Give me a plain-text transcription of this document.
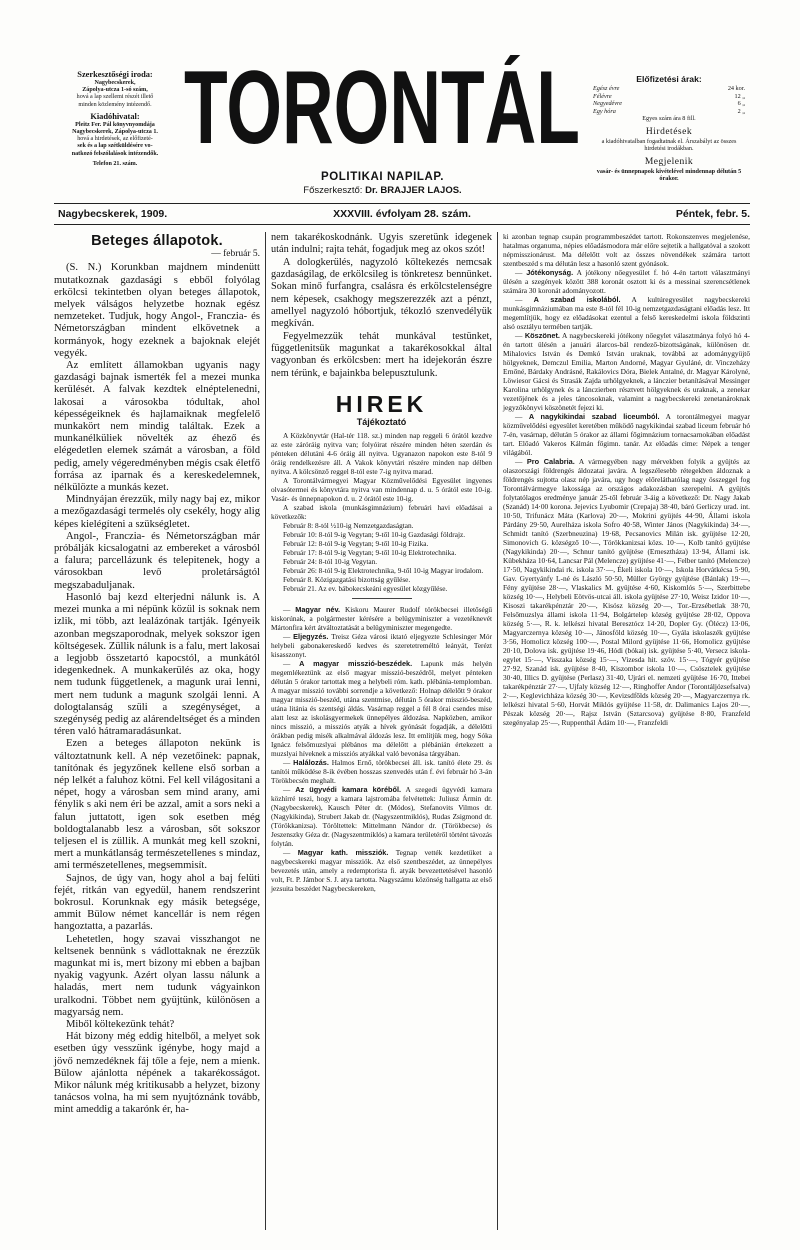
Szerkesztőségi iroda:
Nagybecskerek,
Zápolya-utcza 1-só szám,
hová a lap szellemi részét illető
minden közlemény intézendő.
Kiadóhivatal:
Pleitz Fer. Pál könyvnyomdája
Nagybecskerek, Zápolya-utcza 1.
hová a hirdetések, az előfizeté-
sek és a lap szétküldésére vo-
natkozó felszólalások intézendők.
Telefon 21. szám. TORONTÁL
POLITIKAI NAPILAP.
Főszerkesztő: Dr. BRAJJER LAJOS.
Előfizetési árak:
Egész évre	24 kor.
Félévre	12 „
Negyedévre	6 „
Egy hóra	2 „
Egyes szám ára 8 fill.
Hirdetések
a kiadóhivatalban fogadtatnak el. Árszabályt az összes hirdetési irodákban.
Megjelenik
vasár- és ünnepnapok kivételével mindennap délután 5 órakor.
Nagybecskerek, 1909.	XXXVIII. évfolyam 28. szám.	Péntek, febr. 5.
Beteges állapotok.
— február 5.

(S. N.) Korunkban majdnem mindenütt mutatkoznak gazdasági s ebből folyólag erkölcsi tekintetben olyan beteges állapotok, melyek válságos helyzetbe hoznak egész nemzeteket. Tudjuk, hogy Angol-, Franczia- és Németországban mindent elkövetnek a kormányok, hogy ezeknek a bajoknak elejét vegyék.

Az említett államokban ugyanis nagy gazdasági bajnak ismerték fel a mezei munka kerülését. A falvak kezdtek elnéptelenedni, lakosai a városokba tódultak, ahol képességeiknek és hajlamaiknak megfelelő munkakört nem mindig találtak. Ezek a munkanélküliek növelték az éhező és elégedetlen elemek számát a városban, a föld pedig, amely végeredményben mégis csak életfő forrása az iparnak és a kereskedelemnek, nélkülözte a munkás kezet.

Mindnyájan érezzük, mily nagy baj ez, mikor a mezőgazdasági termelés oly csekély, hogy alig képes kielégíteni a szükségletet.

Angol-, Franczia- és Németországban már próbálják kicsalogatni az embereket a városból a falura; parcellázunk és telepitenek, hogy a városokban levő proletárságtól megszabaduljanak.

Hasonló baj kezd elterjedni nálunk is. A mezei munka a mi népünk közül is soknak nem izlik, mi több, azt lealázónak tartják. Igényeik azonban megszaporodnak, melyek sokszor igen költségesek. Züllik nálunk is a falu, mert lakosai a legjobb összetartó kapocstól, a munkától idegenkednek. A munkakerülés az oka, hogy nem tudunk függetlenek, a magunk urai lenni, mert nem tudunk a magunk szolgái lenni. A dologtalanság szüli a szegénységet, a szegénység pedig az alárendeltséget és a minden téren való hátramaradásunkat.

Ezen a beteges állapoton nekünk is változtatnunk kell. A nép vezetőinek: papnak, tanítónak és jegyzőnek kellene első sorban a nép lelkét a faluhoz kötni. Fel kell világositani a népet, hogy a városban sem mind arany, ami fénylik s aki nem éri be azzal, amit a sors neki a falun juttatott, igen sok esetben még boldogtalanabb lesz a városban, sőt sokszor teljesen el is züllik. A munkát meg kell szokni, mert a munkátlanság természetellenes s mindaz, ami természetellenes, megsemmisít.

Sajnos, de úgy van, hogy ahol a baj felüti fejét, ritkán van egyedül, hanem rendszerint bokrosul. Korunknak egy másik betegsége, ammit Bülow német kancellár is nem régen hangoztatta, a pazarlás.

Lehetetlen, hogy szavai visszhangot ne keltsenek bennünk s vádlottaknak ne érezzük magunkat mi is, mert bizony mi ebben a bajban nyakig vagyunk. Azért olyan lassu nálunk a haladás, mert nem tudunk vágyainkon uralkodni. Többet nem gyüjtünk, különösen a magyarság nem.

Miből költekezünk tehát?

Hát bizony még eddig hitelből, a melyet sok esetben úgy vesszünk igénybe, hogy majd a jövő nemzedéknek fáj tőle a feje, nem a mienk. Bülow ajánlotta népének a takarékosságot. Mikor nálunk még kritikusabb a helyzet, bizony tanácsos volna, ha mi sem nyujtóznánk tovább, mint ameddig a takarónk ér, ha-

nem takarékoskodnánk. Ugyis szeretünk idegenek után indulni; rajta tehát, fogadjuk meg az okos szót!

A dologkerülés, nagyzoló költekezés nemcsak gazdaságilag, de erkölcsileg is tönkretesz bennünket. Sokan minő furfangra, csalásra és erkölcstelenségre nem képesek, csakhogy megszerezzék azt a pénzt, amellyel nagyzoló hóbortjuk, tékozló szenvedélyük megkíván.

Fegyelmezzük tehát munkával testünket, függetlenitsük magunkat a takarékosokkal által vagyonban és erkölcsben: mert ha idejekorán észre nem térünk, e bajainkba belepusztulunk.

HIREK
Tájékoztató

A Közkönyvtár (Hal-tér 118. sz.) minden nap reggeli 6 órától kezdve az este záróráig nyitva van; folyóirat részére minden héten szerdán és pénteken délutáni 4-6 óráig áll nyitva. Ugyanazon napokon este 8-tól 9 óráig rendelkezésre áll. A Vakok könyvtári részére minden nap délben nyitva. A kölcsönző reggel 8-tól este 7-ig nyitva marad.

A Torontálvármegyei Magyar Közművelődési Egyesület ingyenes olvasótermei és könyvtára nyitva van mindennap d. u. 5 órától este 10-ig. Vasár- és ünnepnapokon d. u. 2 órától este 10-ig.

A szabad iskola (munkásgimnázium) februári havi előadásai a következők:

Február 8: 8-tól ½10-ig Nemzetgazdaságtan.

Február 10: 8-tól 9-ig Vegytan; 9-től 10-ig Gazdasági földrajz.

Február 12: 8-tól 9-ig Vegytan; 9-től 10-ig Fizika.

Február 17: 8-tól 9-ig Vegytan; 9-től 10-ig Elektrotechnika.

Február 24: 8-tól 10-ig Vegytan.

Február 26: 8-tól 9-ig Elektrotechnika, 9-től 10-ig Magyar irodalom.

Február 8. Közigazgatási bizottság gyűlése.

Február 21. Az ev. bábokecskeáni egyesület közgyűlése.

— Magyar név. Kiskoru Maurer Rudolf törökbecsei illetőségű kiskorúnak, a polgármester kérésére a belügyminiszter a vezetéknevét Mártonfira kért átváltoztatását a belügyminiszter megengedte.

— Eljegyzés. Treisz Géza városi iktató eljegyezte Schlesinger Mór helybeli gabonakereskedő kedves és szeretetreméltó leányát, Terézt kisasszonyt.

— A magyar misszió-beszédek. Lapunk más helyén megemlékeztünk az első magyar misszió-beszédről, melyet pénteken délután 5 órakor tartottak meg a helybeli róm. kath. plébánia-templomban. A magyar misszió további sorrendje a következő: Holnap délelőtt 9 órakor magyar misszió-beszéd, utána szentmise, délután 5 órakor misszió-beszéd, utána litánia és szentségi áldás. Vasárnap reggel a fél 8 órai csendes mise alatt lesz az iskolásgyermekek ünnepélyes áldozása. Napközben, amikor nincs misszió, a missziós atyák a hívek gyónását fogadják, a délelőtti órákban pedig misék alkalmával áldozás lesz. Itt említjük meg, hogy Sóka Ignácz felsőmuzslyai plébános ma délelőtt a plébánián értekezett a muzslyai híveknek a missziós atyákkal való bevonása tárgyában.

— Halálozás. Halmos Ernő, törökbecsei áll. isk. tanító élete 29. és tanítói működése 8-ik évében hosszas szenvedés után f. évi február hó 3-án Törökbecsén meghalt.

— Az ügyvédi kamara köréből. A szegedi ügyvédi kamara közhírré teszi, hogy a kamara lajstromába felvétettek: Juliusz Ármin dr. (Nagybecskerek), Kausch Péter dr. (Módos), Stefanovits Vilmos dr. (Nagykikinda), Strubert Jakab dr. (Nagyszentmiklós), Rudas Zsigmond dr. (Törökkanizsa). Töröltettek: Mittelmann Nándor dr. (Törökbecse) és Jeszenszky Géza dr. (Nagyszentmiklós) a kamara területéről történt távozás folytán.

— Magyar kath. missziók. Tegnap vették kezdetüket a nagybecskereki magyar missziók. Az első szentbeszédet, az ünnepélyes bevezetés után, amely a redemptorista fi. atyák bevezettetésével hasonló volt, Ft. P. Jámbor S. J. atya tartotta. Nagyszámu közönség hallgatta az első jezsuita beszédet Nagybecskereken,

ki azonban tegnap csupán programmbeszédet tartott. Rokonszenves megjelenése, hatalmas organuma, népies előadásmodora már előre sejtetik a hallgatóval a szokott népmisszionárust. Ma délelőtt volt az összes növendékek számára tartott szentbeszéd s ma délután lesz a hasonló szent gyónások.

— Jótékonyság. A jótékony nőegyesület f. hó 4-én tartott választmányi ülésén a szegények között 388 koronát osztott ki és a messinai szerencsétlenek számára 30 koronát adományozott.

— A szabad iskolából. A kultúregyesület nagybecskereki munkásgimnáziumában ma este 8-tól fél 10-ig nemzetgazdaságtani előadás lesz. Itt megemlítjük, hogy ez előadásokat ezentul a felső kereskedelmi iskola földszinti alsó osztályu termében tartják.

— Köszönet. A nagybecskereki jótékony nőegylet választmánya folyó hó 4-én tartott ülésén a januári álarcos-bál rendező-bizottságának, különösen dr. Mihalovics István és Demkó István uraknak, továbbá az adománygyüjtő hölgyeknek, Demczul Emilia, Marton Andorné, Magyar Gyuláné, dr. Vinczeházy Ernőné, Bárdaky Andrásné, Rakálovics Dóra, Bielek Antalné, dr. Magyar Károlyné, Löwiesor Gácsi és Strasák Zajda urhölgyeknek, a lánczier betanításával Messinger Karolina urhölgynek és a lánczierben résztvett hölgyeknek és uraknak, a zenekar vezetőjének és a jeles táncosoknak, valamint a nagybecskereki zenetanároknak jegyzőkönyvi köszönetét fejezi ki.

— A nagykikindai szabad liceumból. A torontálmegyei magyar közművelődési egyesület keretében működő nagykikindai szabad liceum február hó 7-én, vasárnap, délután 5 órakor az állami főgimnázium tornacsarnokában előadást tart. Előadó Vakeros Kálmán főgimn. tanár. Az előadás cime: Népek a tenger világából.

— Pro Calabria. A vármegyében nagy mérvekben folyik a gyüjtés az olaszországi földrengés áldozatai javára. A legszélesebb rétegekben áldoznak a földrengés sujtotta olasz nép javára, ugy hogy előreláthatólag nagy összeggel fog Torontálvármegye lakossága az országos adakozásban szerepelni. A gyüjtés folytatólagos eredménye január 25-től február 3-áig a következő: Dr. Nagy Jakab (Szanád) 14·00 korona. Jejevics Lyubomir (Crepaja) 38·40, báró Gerliczy urad. int. 10·50, Trifunácz Máta (Karlova) 20·—, Mokrini gyüjtés 44·90, Állami iskola Párdány 29·50, Aurelháza iskola Sofro 40·58, Winter János (Nagykikinda) 34·—, Schmidt tanító (Szerbneuzina) 19·68, Pecsanovics Milán isk. gyüjtése 12·20, Simonovich G. községző 10·—, Törökkanizsai közs. 10·—, Kolb tanító gyüjtése (Nagykikinda) 20·—, Schnur tanító gyüjtése (Ernesztháza) 13·94, Állami isk. Kübekháza 10·64, Lancsar Pál (Melencze) gyüjtése 41·—, Felber tanító (Melencze) 17·50, Nagykikindai rk. iskola 37·—, Ékeli iskola 10·—, Iskola Horvátkécsa 5·90, Gav. Gyertyánfy L-né és László 50·50, Müller György gyüjtése (Bánlak) 19·—, Fény gyüjtése 28·—, Vlaskalics M. gyüjtése 4·60, Kiskomlós 5·—, Szerbittebe község 10·—, Helybeli Eötvös-utcai áll. iskola gyüjtése 27·10, Weisz Izidor 10·—, Kisoszi takarékpénztár 20·—, Kisósz község 20·—, Tor.-Erzsébetlak 38·70, Felsőmuzslya állami iskola 11·94, Bolgártelep község gyüjtése 28·02, Oppova község 5·—, R. k. lelkészi hivatal Beresztócz 14·20, Dopler Gy. (Ölécz) 13·06, Magyarczernya község 10·—, Jánosföld község 10·—, Gyála iskolaszék gyüjtése 3·56, Homolicz község 100·—, Postal Milord gyüjtése 11·66, Homolicz gyüjtése 20·10, Dolova isk. gyüjtése 19·46, Hódi (bókai) isk. gyüjtése 5·40, Versecz iskola-egylet 15·—, Visszaka község 15·—, Vizesda hit. szöv. 15·—, Tógyér gyüjtése 27·92, Szanád isk. gyüjtése 8·40, Kiszombor iskola 10·—, Csösztelek gyüjtése 30·40, Illics D. gyüjtése (Perlasz) 31·40, Ujrári el. nemzeti gyüjtése 16·70, Ittebei takarékpénztár 27·—, Ujfaly község 12·—, Ringhoffer Andor (Torontáljózsefsalva) 2·—, Keglevichháza község 30·—, Kevizsdfőlds község 20·—, Magyarczernya rk. lelkészi hivatal 5·60, Horvát Miklós gyüjtése 11·58, dr. Dalimanics Lajos 20·—, Pészak község 20·—, Rajsz István (Sztarcsova) gyüjtése 8·80, Franzfeld szegényalap 25·—, Ruppenthál Ádám 10·—, Franzfeldi
